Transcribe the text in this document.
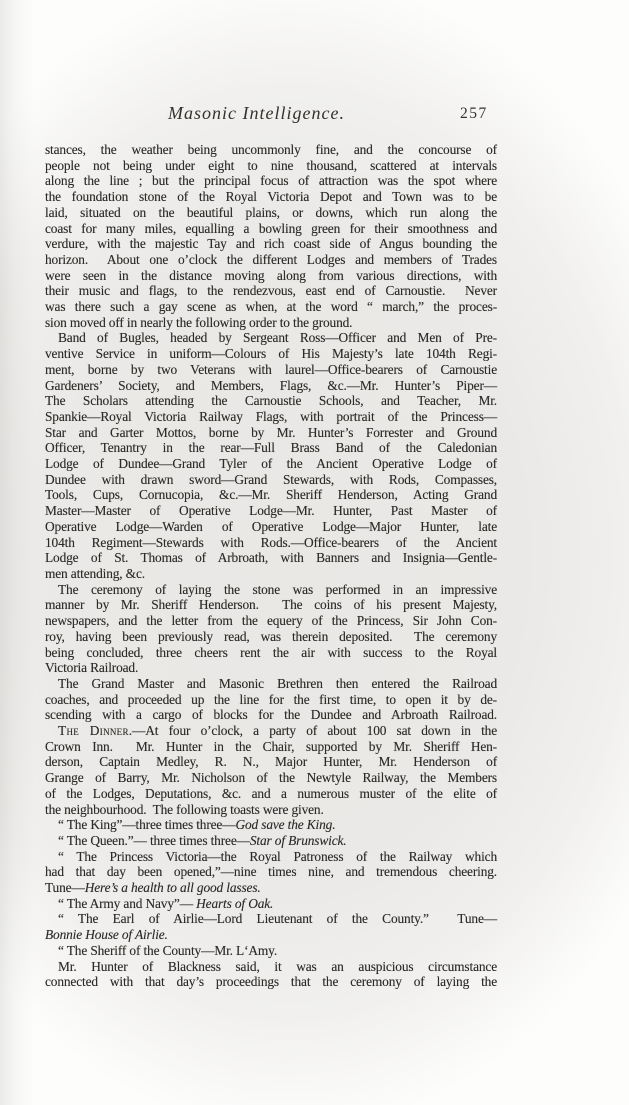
Masonic Intelligence.	257
stances, the weather being uncommonly fine, and the concourse of
people not being under eight to nine thousand, scattered at intervals
along the line ; but the principal focus of attraction was the spot where
the foundation stone of the Royal Victoria Depot and Town was to be
laid, situated on the beautiful plains, or downs, which run along the
coast for many miles, equalling a bowling green for their smoothness and
verdure, with the majestic Tay and rich coast side of Angus bounding the
horizon.  About one o’clock the different Lodges and members of Trades
were seen in the distance moving along from various directions, with
their music and flags, to the rendezvous, east end of Carnoustie.  Never
was there such a gay scene as when, at the word “ march,” the proces-
sion moved off in nearly the following order to the ground.
Band of Bugles, headed by Sergeant Ross—Officer and Men of Pre-
ventive Service in uniform—Colours of His Majesty’s late 104th Regi-
ment, borne by two Veterans with laurel—Office-bearers of Carnoustie
Gardeners’ Society, and Members, Flags, &c.—Mr. Hunter’s Piper—
The Scholars attending the Carnoustie Schools, and Teacher, Mr.
Spankie—Royal Victoria Railway Flags, with portrait of the Princess—
Star and Garter Mottos, borne by Mr. Hunter’s Forrester and Ground
Officer, Tenantry in the rear—Full Brass Band of the Caledonian
Lodge of Dundee—Grand Tyler of the Ancient Operative Lodge of
Dundee with drawn sword—Grand Stewards, with Rods, Compasses,
Tools, Cups, Cornucopia, &c.—Mr. Sheriff Henderson, Acting Grand
Master—Master of Operative Lodge—Mr. Hunter, Past Master of
Operative Lodge—Warden of Operative Lodge—Major Hunter, late
104th Regiment—Stewards with Rods.—Office-bearers of the Ancient
Lodge of St. Thomas of Arbroath, with Banners and Insignia—Gentle-
men attending, &c.
The ceremony of laying the stone was performed in an impressive
manner by Mr. Sheriff Henderson.  The coins of his present Majesty,
newspapers, and the letter from the equery of the Princess, Sir John Con-
roy, having been previously read, was therein deposited.  The ceremony
being concluded, three cheers rent the air with success to the Royal
Victoria Railroad.
The Grand Master and Masonic Brethren then entered the Railroad
coaches, and proceeded up the line for the first time, to open it by de-
scending with a cargo of blocks for the Dundee and Arbroath Railroad.
The Dinner.—At four o’clock, a party of about 100 sat down in the
Crown Inn.  Mr. Hunter in the Chair, supported by Mr. Sheriff Hen-
derson, Captain Medley, R. N., Major Hunter, Mr. Henderson of
Grange of Barry, Mr. Nicholson of the Newtyle Railway, the Members
of the Lodges, Deputations, &c. and a numerous muster of the elite of
the neighbourhood.  The following toasts were given.
“ The King”—three times three—God save the King.
“ The Queen.”— three times three—Star of Brunswick.
“ The Princess Victoria—the Royal Patroness of the Railway which
had that day been opened,”—nine times nine, and tremendous cheering.
Tune—Here’s a health to all good lasses.
“ The Army and Navy”— Hearts of Oak.
“ The Earl of Airlie—Lord Lieutenant of the County.”  Tune—
Bonnie House of Airlie.
“ The Sheriff of the County—Mr. L‘Amy.
Mr. Hunter of Blackness said, it was an auspicious circumstance
connected with that day’s proceedings that the ceremony of laying the
